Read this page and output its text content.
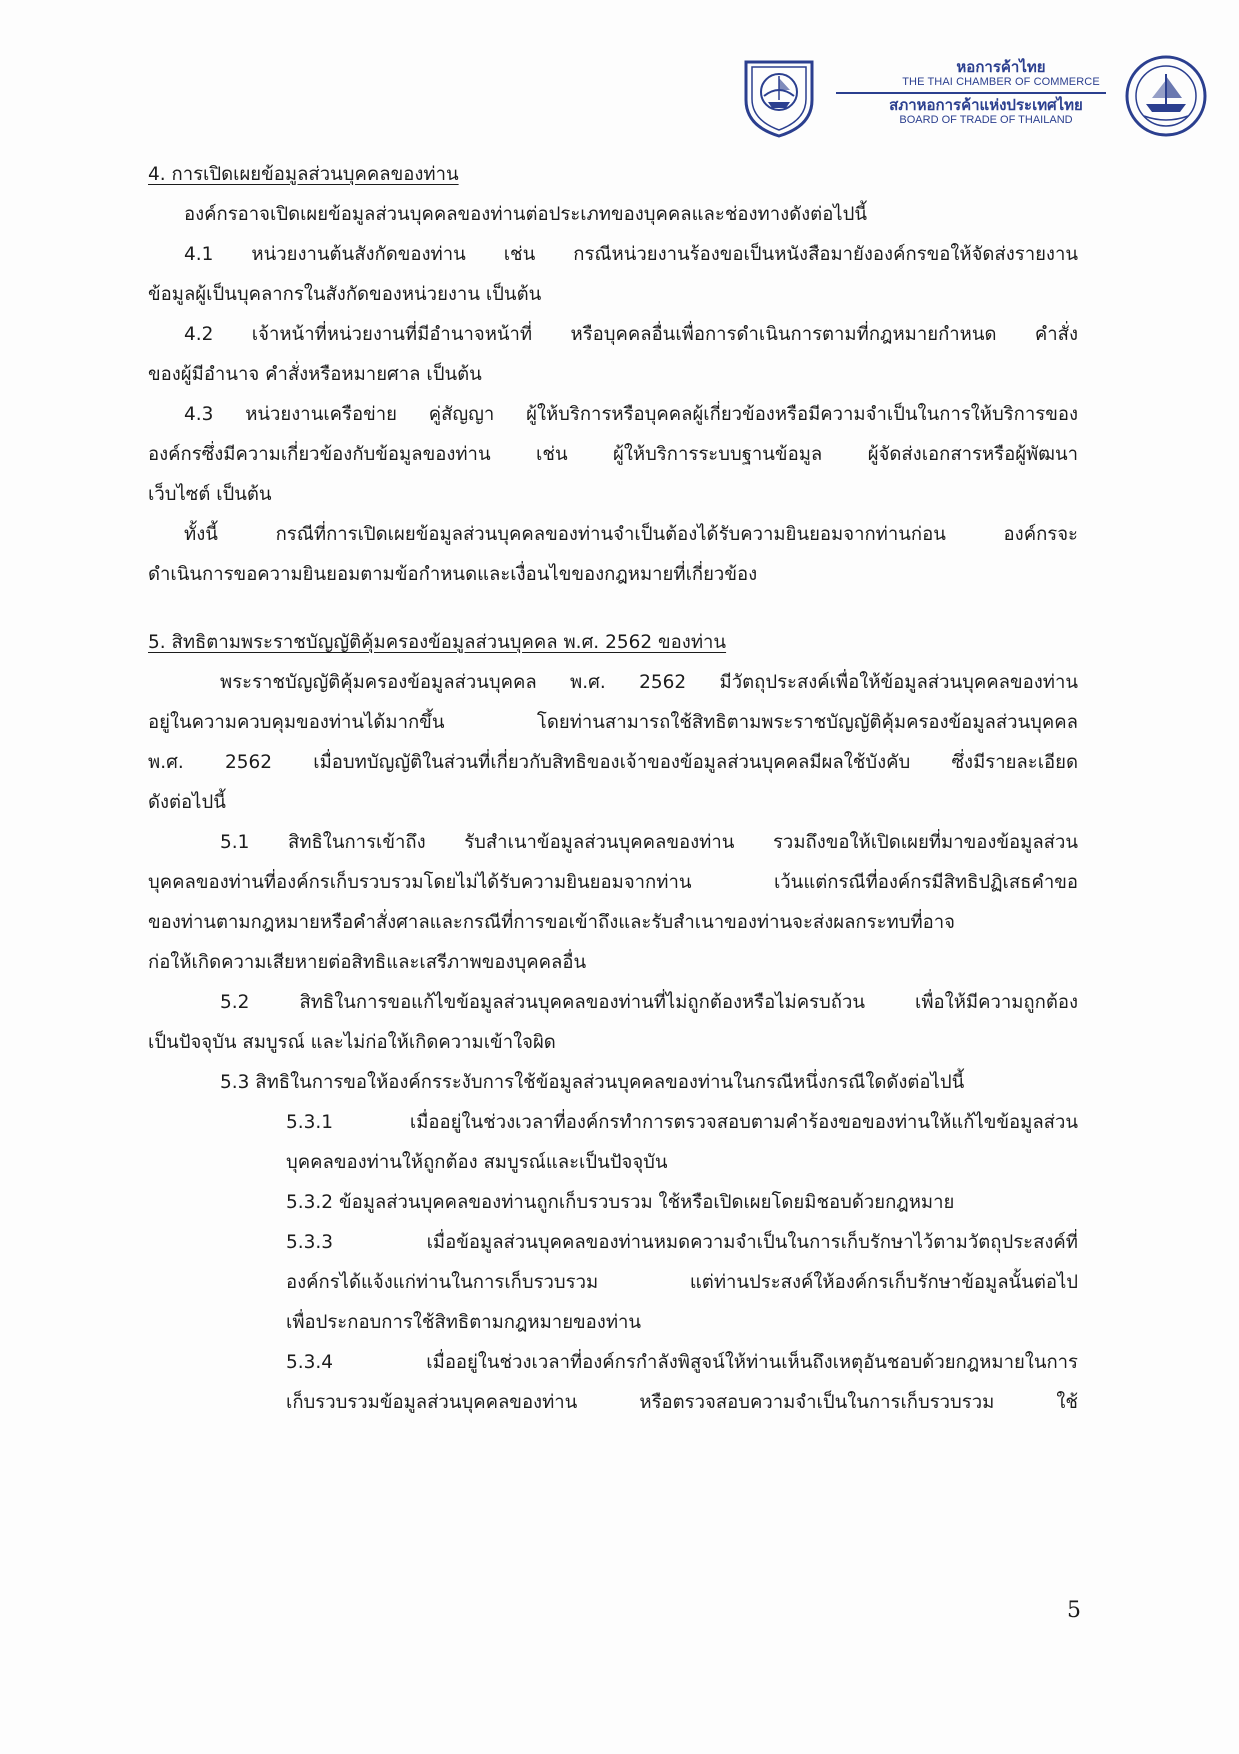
หอการค้าไทย
THE THAI CHAMBER OF COMMERCE
สภาหอการค้าแห่งประเทศไทย
BOARD OF TRADE OF THAILAND
4. การเปิดเผยข้อมูลส่วนบุคคลของท่าน
องค์กรอาจเปิดเผยข้อมูลส่วนบุคคลของท่านต่อประเภทของบุคคลและช่องทางดังต่อไปนี้
4.1 หน่วยงานต้นสังกัดของท่าน เช่น กรณีหน่วยงานร้องขอเป็นหนังสือมายังองค์กรขอให้จัดส่งรายงาน
ข้อมูลผู้เป็นบุคลากรในสังกัดของหน่วยงาน เป็นต้น
4.2 เจ้าหน้าที่หน่วยงานที่มีอำนาจหน้าที่ หรือบุคคลอื่นเพื่อการดำเนินการตามที่กฎหมายกำหนด คำสั่ง
ของผู้มีอำนาจ คำสั่งหรือหมายศาล เป็นต้น
4.3 หน่วยงานเครือข่าย คู่สัญญา ผู้ให้บริการหรือบุคคลผู้เกี่ยวข้องหรือมีความจำเป็นในการให้บริการของ
องค์กรซึ่งมีความเกี่ยวข้องกับข้อมูลของท่าน เช่น ผู้ให้บริการระบบฐานข้อมูล ผู้จัดส่งเอกสารหรือผู้พัฒนา
เว็บไซต์ เป็นต้น
ทั้งนี้ กรณีที่การเปิดเผยข้อมูลส่วนบุคคลของท่านจำเป็นต้องได้รับความยินยอมจากท่านก่อน องค์กรจะ
ดำเนินการขอความยินยอมตามข้อกำหนดและเงื่อนไขของกฎหมายที่เกี่ยวข้อง
5. สิทธิตามพระราชบัญญัติคุ้มครองข้อมูลส่วนบุคคล พ.ศ. 2562 ของท่าน
พระราชบัญญัติคุ้มครองข้อมูลส่วนบุคคล พ.ศ. 2562 มีวัตถุประสงค์เพื่อให้ข้อมูลส่วนบุคคลของท่าน
อยู่ในความควบคุมของท่านได้มากขึ้น โดยท่านสามารถใช้สิทธิตามพระราชบัญญัติคุ้มครองข้อมูลส่วนบุคคล
พ.ศ. 2562 เมื่อบทบัญญัติในส่วนที่เกี่ยวกับสิทธิของเจ้าของข้อมูลส่วนบุคคลมีผลใช้บังคับ ซึ่งมีรายละเอียด
ดังต่อไปนี้
5.1 สิทธิในการเข้าถึง รับสำเนาข้อมูลส่วนบุคคลของท่าน รวมถึงขอให้เปิดเผยที่มาของข้อมูลส่วน
บุคคลของท่านที่องค์กรเก็บรวบรวมโดยไม่ได้รับความยินยอมจากท่าน เว้นแต่กรณีที่องค์กรมีสิทธิปฏิเสธคำขอ
ของท่านตามกฎหมายหรือคำสั่งศาลและกรณีที่การขอเข้าถึงและรับสำเนาของท่านจะส่งผลกระทบที่อาจ
ก่อให้เกิดความเสียหายต่อสิทธิและเสรีภาพของบุคคลอื่น
5.2 สิทธิในการขอแก้ไขข้อมูลส่วนบุคคลของท่านที่ไม่ถูกต้องหรือไม่ครบถ้วน เพื่อให้มีความถูกต้อง
เป็นปัจจุบัน สมบูรณ์ และไม่ก่อให้เกิดความเข้าใจผิด
5.3 สิทธิในการขอให้องค์กรระงับการใช้ข้อมูลส่วนบุคคลของท่านในกรณีหนึ่งกรณีใดดังต่อไปนี้
5.3.1 เมื่ออยู่ในช่วงเวลาที่องค์กรทำการตรวจสอบตามคำร้องขอของท่านให้แก้ไขข้อมูลส่วน
บุคคลของท่านให้ถูกต้อง สมบูรณ์และเป็นปัจจุบัน
5.3.2 ข้อมูลส่วนบุคคลของท่านถูกเก็บรวบรวม ใช้หรือเปิดเผยโดยมิชอบด้วยกฎหมาย
5.3.3 เมื่อข้อมูลส่วนบุคคลของท่านหมดความจำเป็นในการเก็บรักษาไว้ตามวัตถุประสงค์ที่
องค์กรได้แจ้งแก่ท่านในการเก็บรวบรวม แต่ท่านประสงค์ให้องค์กรเก็บรักษาข้อมูลนั้นต่อไป
เพื่อประกอบการใช้สิทธิตามกฎหมายของท่าน
5.3.4 เมื่ออยู่ในช่วงเวลาที่องค์กรกำลังพิสูจน์ให้ท่านเห็นถึงเหตุอันชอบด้วยกฎหมายในการ
เก็บรวบรวมข้อมูลส่วนบุคคลของท่าน หรือตรวจสอบความจำเป็นในการเก็บรวบรวม ใช้
5
